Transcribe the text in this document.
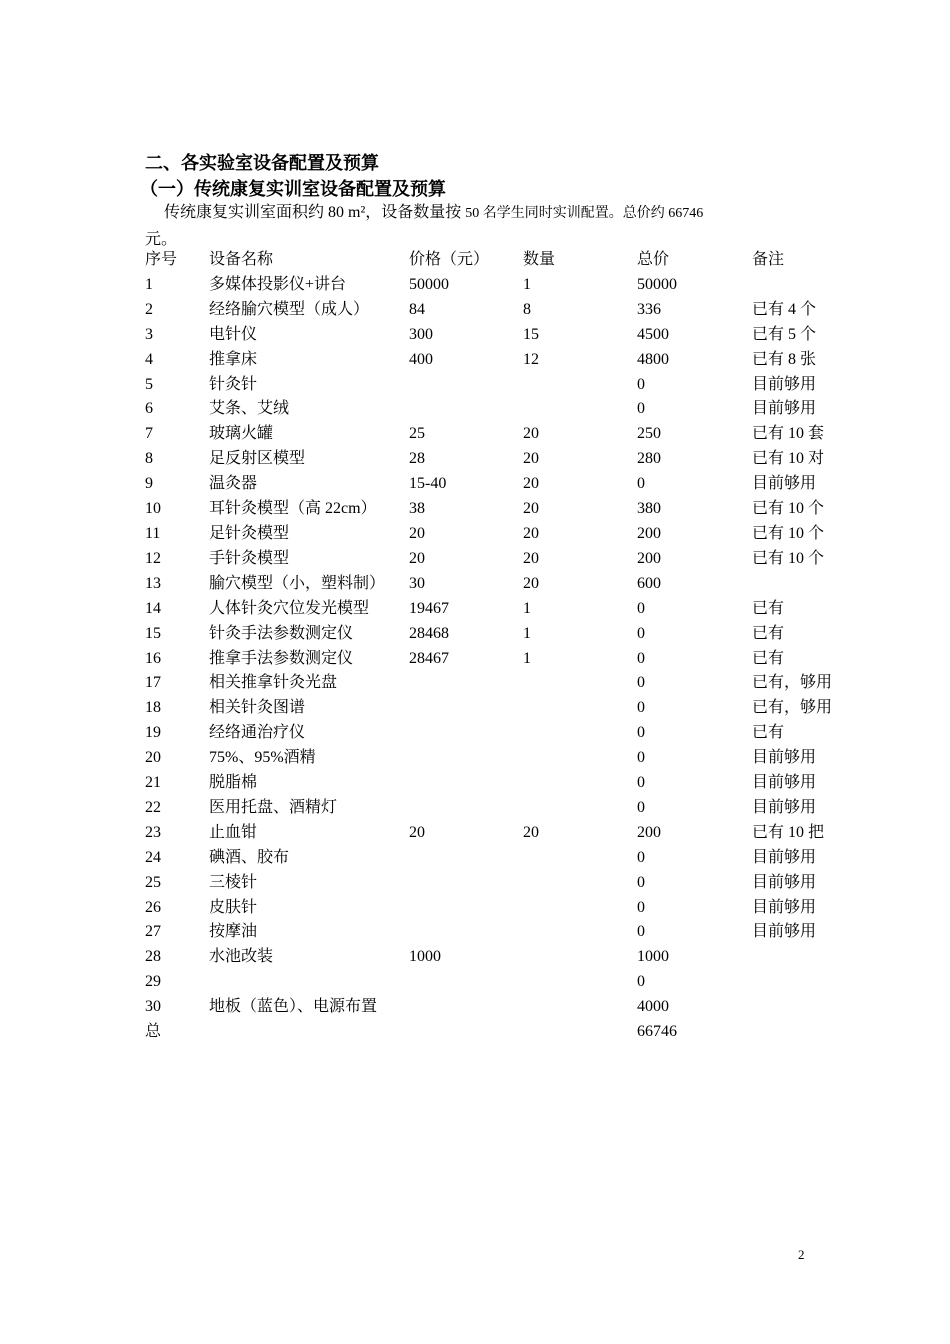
二、各实验室设备配置及预算
（一）传统康复实训室设备配置及预算
传统康复实训室面积约 80 m²，设备数量按 50 名学生同时实训配置。总价约 66746
元。
序号	设备名称	价格（元）	数量	总价	备注
1	多媒体投影仪+讲台	50000	1	50000	
2	经络腧穴模型（成人）	84	8	336	已有 4 个
3	电针仪	300	15	4500	已有 5 个
4	推拿床	400	12	4800	已有 8 张
5	针灸针			0	目前够用
6	艾条、艾绒			0	目前够用
7	玻璃火罐	25	20	250	已有 10 套
8	足反射区模型	28	20	280	已有 10 对
9	温灸器	15-40	20	0	目前够用
10	耳针灸模型（高 22cm）	38	20	380	已有 10 个
11	足针灸模型	20	20	200	已有 10 个
12	手针灸模型	20	20	200	已有 10 个
13	腧穴模型（小，塑料制）	30	20	600	
14	人体针灸穴位发光模型	19467	1	0	已有
15	针灸手法参数测定仪	28468	1	0	已有
16	推拿手法参数测定仪	28467	1	0	已有
17	相关推拿针灸光盘			0	已有，够用
18	相关针灸图谱			0	已有，够用
19	经络通治疗仪			0	已有
20	75%、95%酒精			0	目前够用
21	脱脂棉			0	目前够用
22	医用托盘、酒精灯			0	目前够用
23	止血钳	20	20	200	已有 10 把
24	碘酒、胶布			0	目前够用
25	三棱针			0	目前够用
26	皮肤针			0	目前够用
27	按摩油			0	目前够用
28	水池改装	1000		1000	
29				0	
30	地板（蓝色）、电源布置			4000	
总				66746	
2
